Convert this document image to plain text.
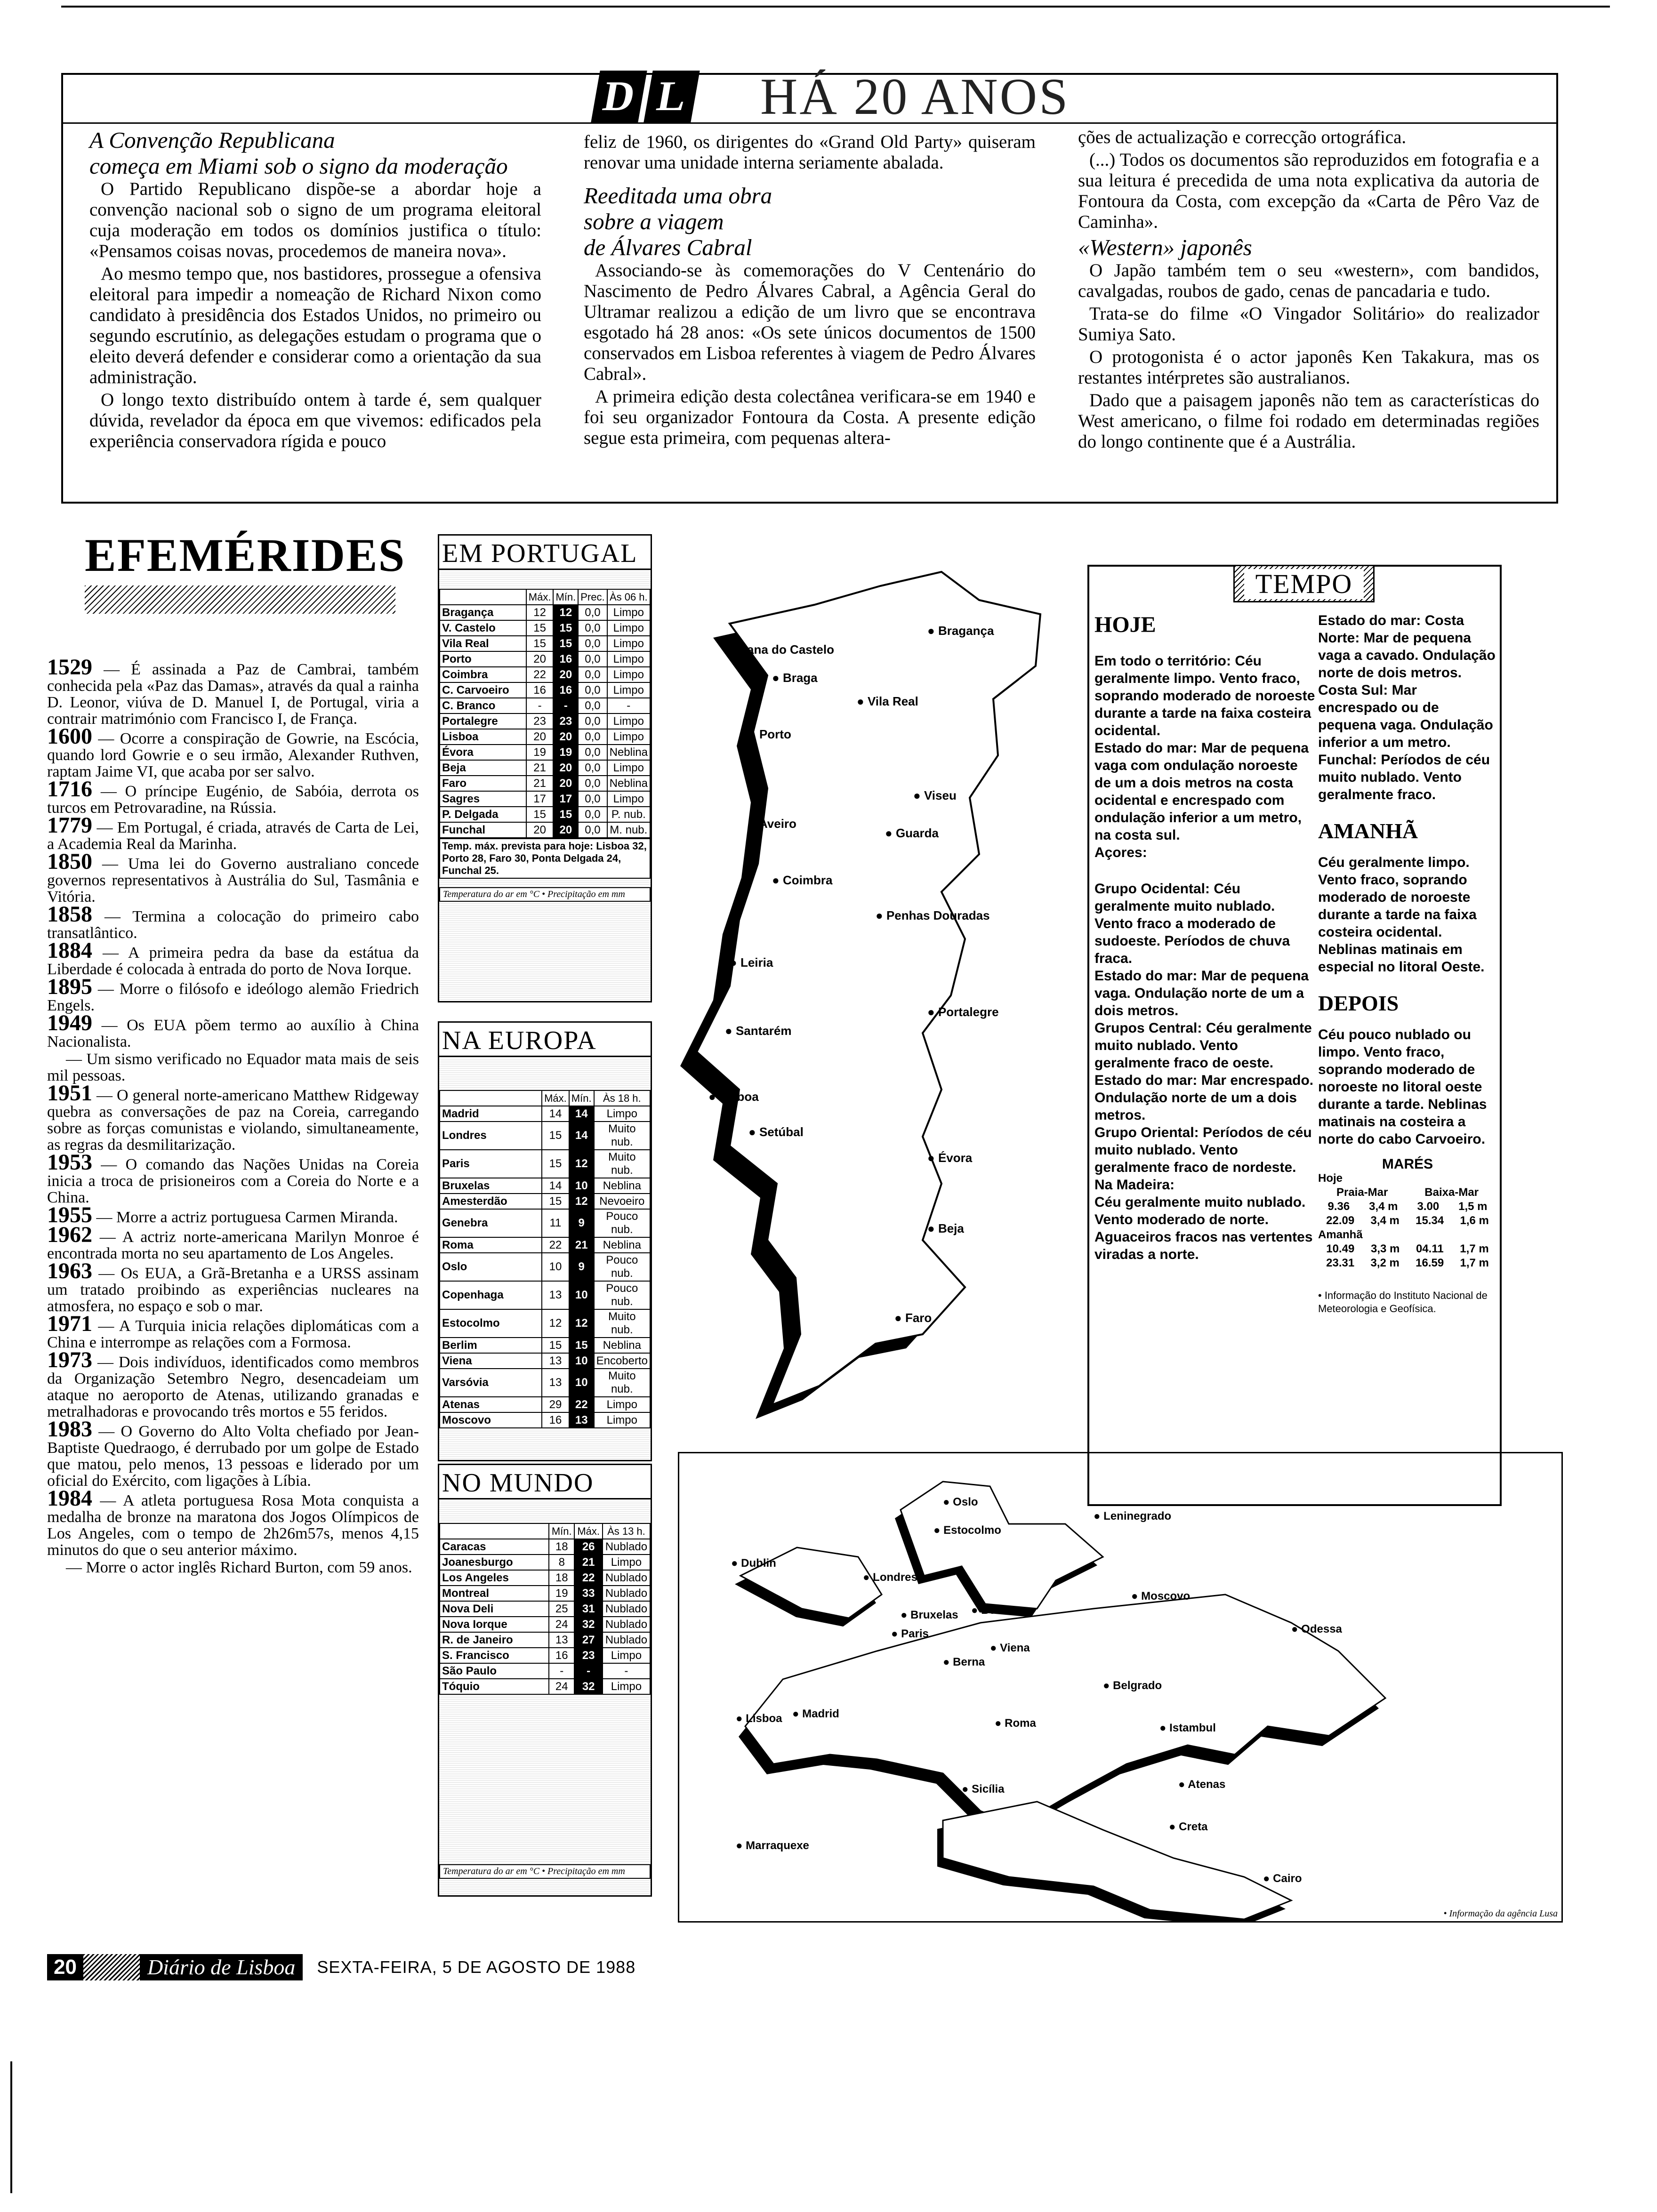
D L HÁ 20 ANOS
A Convenção Republicana
começa em Miami sob o signo da moderação

O Partido Republicano dispõe-se a abordar hoje a convenção nacional sob o signo de um programa eleitoral cuja moderação em todos os domínios justifica o título: «Pensamos coisas novas, procedemos de maneira nova».

Ao mesmo tempo que, nos bastidores, prossegue a ofensiva eleitoral para impedir a nomeação de Richard Nixon como candidato à presidência dos Estados Unidos, no primeiro ou segundo escrutínio, as delegações estudam o programa que o eleito deverá defender e considerar como a orientação da sua administração.

O longo texto distribuído ontem à tarde é, sem qualquer dúvida, revelador da época em que vivemos: edificados pela experiência conservadora rígida e pouco

feliz de 1960, os dirigentes do «Grand Old Party» quiseram renovar uma unidade interna seriamente abalada.

Reeditada uma obra
sobre a viagem
de Álvares Cabral

Associando-se às comemorações do V Centenário do Nascimento de Pedro Álvares Cabral, a Agência Geral do Ultramar realizou a edição de um livro que se encontrava esgotado há 28 anos: «Os sete únicos documentos de 1500 conservados em Lisboa referentes à viagem de Pedro Álvares Cabral».

A primeira edição desta colectânea verificara-se em 1940 e foi seu organizador Fontoura da Costa. A presente edição segue esta primeira, com pequenas altera-

ções de actualização e correcção ortográfica.

(...) Todos os documentos são reproduzidos em fotografia e a sua leitura é precedida de uma nota explicativa da autoria de Fontoura da Costa, com excepção da «Carta de Pêro Vaz de Caminha».

«Western» japonês

O Japão também tem o seu «western», com bandidos, cavalgadas, roubos de gado, cenas de pancadaria e tudo.

Trata-se do filme «O Vingador Solitário» do realizador Sumiya Sato.

O protogonista é o actor japonês Ken Takakura, mas os restantes intérpretes são australianos.

Dado que a paisagem japonês não tem as características do West americano, o filme foi rodado em determinadas regiões do longo continente que é a Austrália.

EFEMÉRIDES
1529 — É assinada a Paz de Cambrai, também conhecida pela «Paz das Damas», através da qual a rainha D. Leonor, viúva de D. Manuel I, de Portugal, viria a contrair matrimónio com Francisco I, de França.
1600 — Ocorre a conspiração de Gowrie, na Escócia, quando lord Gowrie e o seu irmão, Alexander Ruthven, raptam Jaime VI, que acaba por ser salvo.
1716 — O príncipe Eugénio, de Sabóia, derrota os turcos em Petrovaradine, na Rússia.
1779 — Em Portugal, é criada, através de Carta de Lei, a Academia Real da Marinha.
1850 — Uma lei do Governo australiano concede governos representativos à Austrália do Sul, Tasmânia e Vitória.
1858 — Termina a colocação do primeiro cabo transatlântico.
1884 — A primeira pedra da base da estátua da Liberdade é colocada à entrada do porto de Nova Iorque.
1895 — Morre o filósofo e ideólogo alemão Friedrich Engels.
1949 — Os EUA põem termo ao auxílio à China Nacionalista.
— Um sismo verificado no Equador mata mais de seis mil pessoas.
1951 — O general norte-americano Matthew Ridgeway quebra as conversações de paz na Coreia, carregando sobre as forças comunistas e violando, simultaneamente, as regras da desmilitarização.
1953 — O comando das Nações Unidas na Coreia inicia a troca de prisioneiros com a Coreia do Norte e a China.
1955 — Morre a actriz portuguesa Carmen Miranda.
1962 — A actriz norte-americana Marilyn Monroe é encontrada morta no seu apartamento de Los Angeles.
1963 — Os EUA, a Grã-Bretanha e a URSS assinam um tratado proibindo as experiências nucleares na atmosfera, no espaço e sob o mar.
1971 — A Turquia inicia relações diplomáticas com a China e interrompe as relações com a Formosa.
1973 — Dois indivíduos, identificados como membros da Organização Setembro Negro, desencadeiam um ataque no aeroporto de Atenas, utilizando granadas e metralhadoras e provocando três mortos e 55 feridos.
1983 — O Governo do Alto Volta chefiado por Jean-Baptiste Quedraogo, é derrubado por um golpe de Estado que matou, pelo menos, 13 pessoas e liderado por um oficial do Exército, com ligações à Líbia.
1984 — A atleta portuguesa Rosa Mota conquista a medalha de bronze na maratona dos Jogos Olímpicos de Los Angeles, com o tempo de 2h26m57s, menos 4,15 minutos do que o seu anterior máximo.
— Morre o actor inglês Richard Burton, com 59 anos.
EM PORTUGAL
	Máx.	Mín.	Prec.	Às 06 h.
Bragança	12	12	0,0	Limpo
V. Castelo	15	15	0,0	Limpo
Vila Real	15	15	0,0	Limpo
Porto	20	16	0,0	Limpo
Coimbra	22	20	0,0	Limpo
C. Carvoeiro	16	16	0,0	Limpo
C. Branco	-	-	0,0	-
Portalegre	23	23	0,0	Limpo
Lisboa	20	20	0,0	Limpo
Évora	19	19	0,0	Neblina
Beja	21	20	0,0	Limpo
Faro	21	20	0,0	Neblina
Sagres	17	17	0,0	Limpo
P. Delgada	15	15	0,0	P. nub.
Funchal	20	20	0,0	M. nub.
Temp. máx. prevista para hoje: Lisboa 32, Porto 28, Faro 30, Ponta Delgada 24, Funchal 25.
Temperatura do ar em °C • Precipitação em mm
NA EUROPA
	Máx.	Mín.	Às 18 h.
Madrid	14	14	Limpo
Londres	15	14	Muito nub.
Paris	15	12	Muito nub.
Bruxelas	14	10	Neblina
Amesterdão	15	12	Nevoeiro
Genebra	11	9	Pouco nub.
Roma	22	21	Neblina
Oslo	10	9	Pouco nub.
Copenhaga	13	10	Pouco nub.
Estocolmo	12	12	Muito nub.
Berlim	15	15	Neblina
Viena	13	10	Encoberto
Varsóvia	13	10	Muito nub.
Atenas	29	22	Limpo
Moscovo	16	13	Limpo
NO MUNDO
	Mín.	Máx.	Às 13 h.
Caracas	18	26	Nublado
Joanesburgo	8	21	Limpo
Los Angeles	18	22	Nublado
Montreal	19	33	Nublado
Nova Deli	25	31	Nublado
Nova Iorque	24	32	Nublado
R. de Janeiro	13	27	Nublado
S. Francisco	16	23	Limpo
São Paulo	-	-	-
Tóquio	24	32	Limpo
Temperatura do ar em °C • Precipitação em mm
● Viana do Castelo
● Bragança
● Braga
● Vila Real
● Porto
● Viseu
● Aveiro
● Guarda
● Coimbra
● Penhas Douradas
● Leiria
● Portalegre
● Santarém
● Lisboa
● Setúbal
● Évora
● Beja
● Faro
● Oslo
● Estocolmo
● Leninegrado
● Dublin
● Londres
● Moscovo
● Bruxelas ● Berlim
● Paris
● Viena
● Berna
● Odessa
● Belgrado
● Lisboa ● Madrid
● Roma	● Istambul
● Sicília	● Atenas
● Marraquexe
● Creta
● Cairo
• Informação da agência Lusa
TEMPO
HOJE
Em todo o território: Céu geralmente limpo. Vento fraco, soprando moderado de noroeste durante a tarde na faixa costeira ocidental.
Estado do mar: Mar de pequena vaga com ondulação noroeste de um a dois metros na costa ocidental e encrespado com ondulação inferior a um metro, na costa sul.
Açores:
Grupo Ocidental: Céu geralmente muito nublado. Vento fraco a moderado de sudoeste. Períodos de chuva fraca.
Estado do mar: Mar de pequena vaga. Ondulação norte de um a dois metros.
Grupos Central: Céu geralmente muito nublado. Vento geralmente fraco de oeste.
Estado do mar: Mar encrespado. Ondulação norte de um a dois metros.
Grupo Oriental: Períodos de céu muito nublado. Vento geralmente fraco de nordeste.
Na Madeira:
Céu geralmente muito nublado. Vento moderado de norte. Aguaceiros fracos nas vertentes viradas a norte.
Estado do mar: Costa Norte: Mar de pequena vaga a cavado. Ondulação norte de dois metros.
Costa Sul: Mar encrespado ou de pequena vaga. Ondulação inferior a um metro.
Funchal: Períodos de céu muito nublado. Vento geralmente fraco.
AMANHÃ
Céu geralmente limpo. Vento fraco, soprando moderado de noroeste durante a tarde na faixa costeira ocidental. Neblinas matinais em especial no litoral Oeste.
DEPOIS
Céu pouco nublado ou limpo. Vento fraco, soprando moderado de noroeste no litoral oeste durante a tarde. Neblinas matinais na costeira a norte do cabo Carvoeiro.
MARÉS
Hoje
Praia-Mar	Baixa-Mar
9.36 3,4 m 3.00 1,5 m
22.09 3,4 m 15.34 1,6 m
Amanhã
10.49 3,3 m 04.11 1,7 m
23.31 3,2 m 16.59 1,7 m
• Informação do Instituto Nacional de Meteorologia e Geofísica.
20	Diário de Lisboa	SEXTA-FEIRA, 5 DE AGOSTO DE 1988
